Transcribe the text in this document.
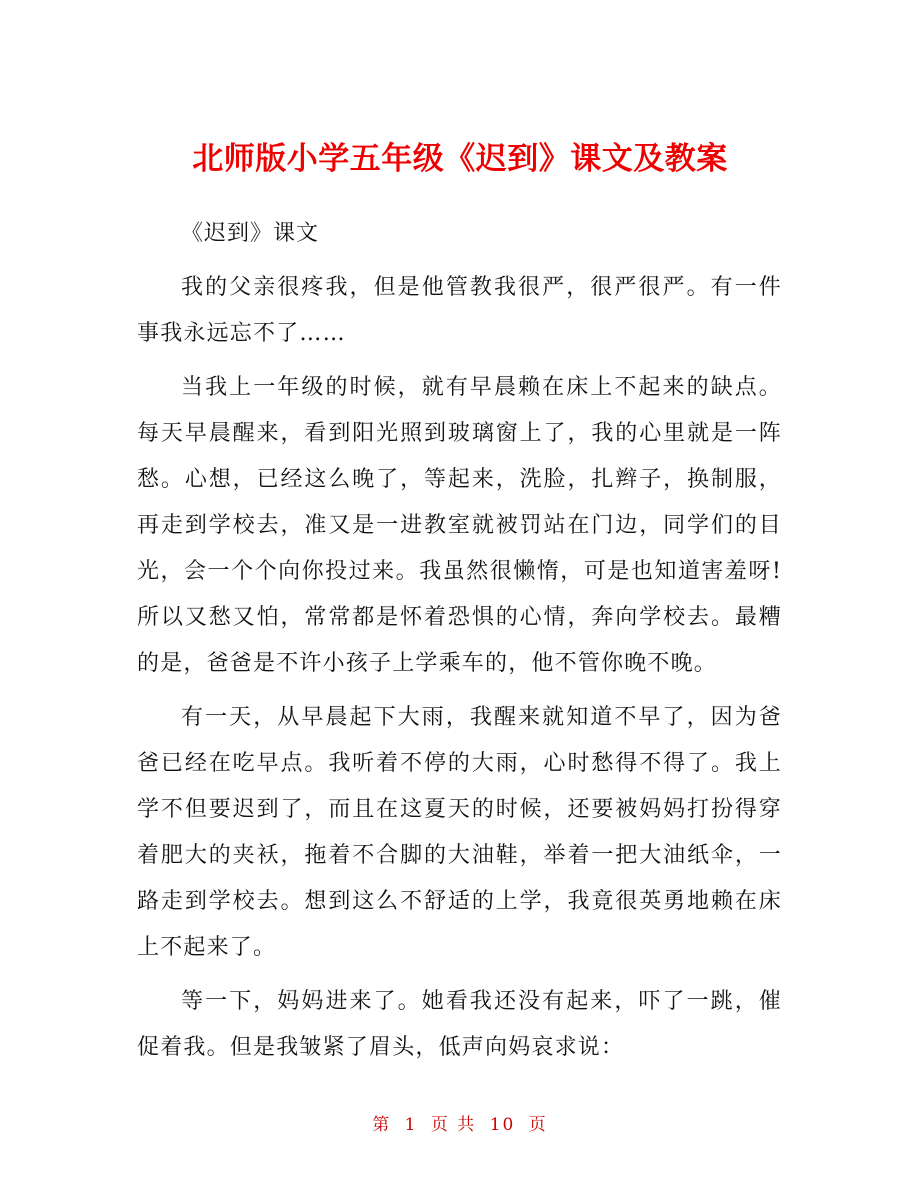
北师版小学五年级《迟到》课文及教案

《迟到》课文

我的父亲很疼我，但是他管教我很严，很严很严。有一件事我永远忘不了……

当我上一年级的时候，就有早晨赖在床上不起来的缺点。每天早晨醒来，看到阳光照到玻璃窗上了，我的心里就是一阵愁。心想，已经这么晚了，等起来，洗脸，扎辫子，换制服，再走到学校去，准又是一进教室就被罚站在门边，同学们的目光，会一个个向你投过来。我虽然很懒惰，可是也知道害羞呀!所以又愁又怕，常常都是怀着恐惧的心情，奔向学校去。最糟的是，爸爸是不许小孩子上学乘车的，他不管你晚不晚。

有一天，从早晨起下大雨，我醒来就知道不早了，因为爸爸已经在吃早点。我听着不停的大雨，心时愁得不得了。我上学不但要迟到了，而且在这夏天的时候，还要被妈妈打扮得穿着肥大的夹袄，拖着不合脚的大油鞋，举着一把大油纸伞，一路走到学校去。想到这么不舒适的上学，我竟很英勇地赖在床上不起来了。

等一下，妈妈进来了。她看我还没有起来，吓了一跳，催促着我。但是我皱紧了眉头，低声向妈哀求说：

第 1 页 共 10 页
